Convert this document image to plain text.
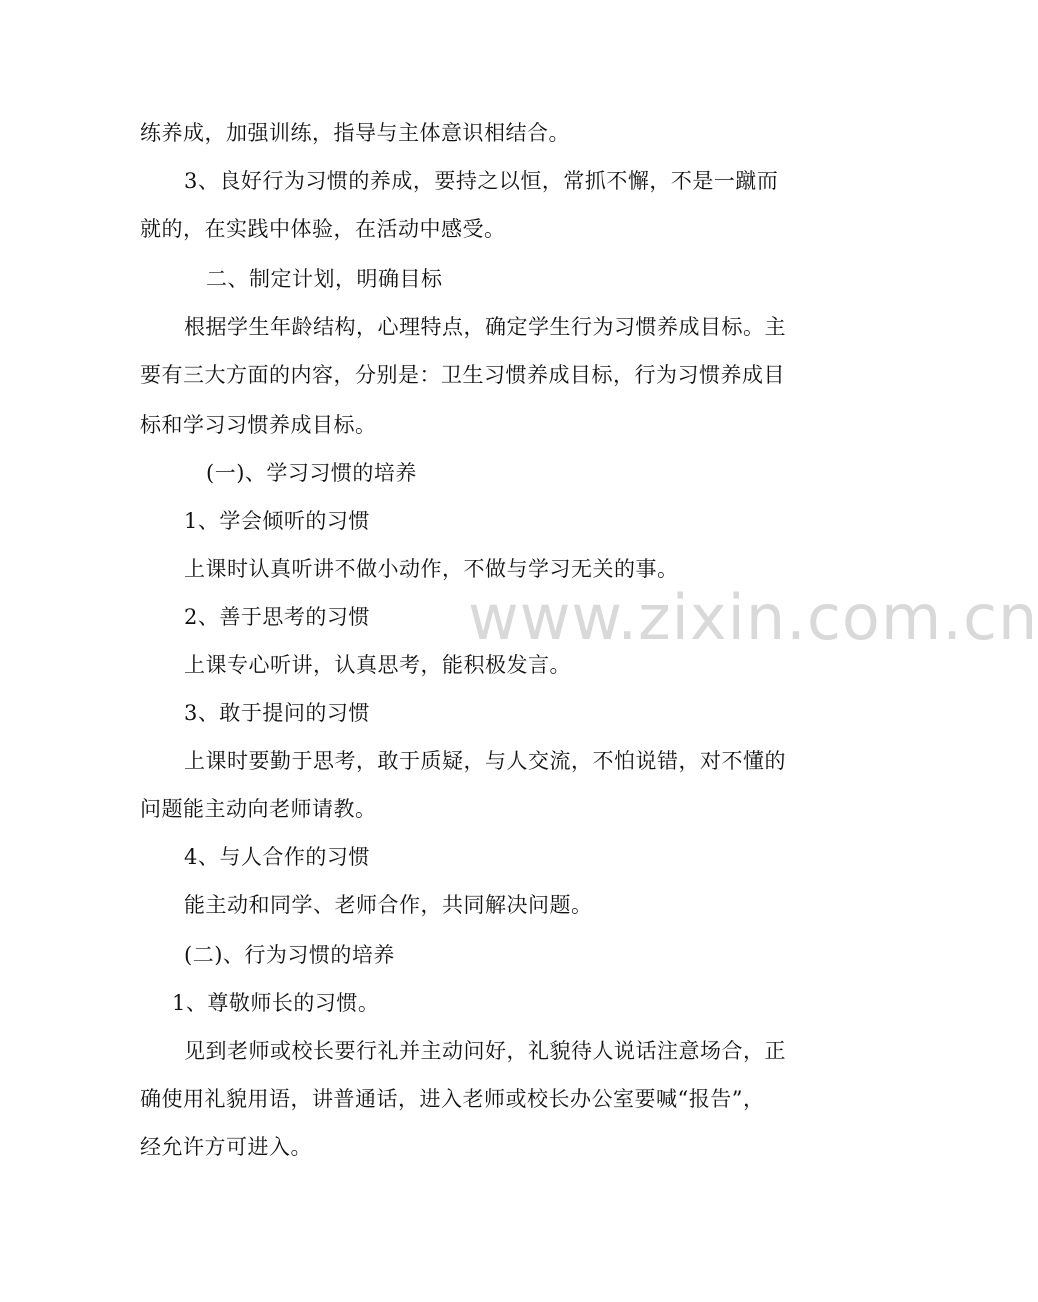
练养成，加强训练，指导与主体意识相结合。
3、良好行为习惯的养成，要持之以恒，常抓不懈，不是一蹴而
就的，在实践中体验，在活动中感受。
二、制定计划，明确目标
根据学生年龄结构，心理特点，确定学生行为习惯养成目标。主
要有三大方面的内容，分别是：卫生习惯养成目标，行为习惯养成目
标和学习习惯养成目标。
(一)、学习习惯的培养
1、学会倾听的习惯
上课时认真听讲不做小动作，不做与学习无关的事。
2、善于思考的习惯
上课专心听讲，认真思考，能积极发言。
3、敢于提问的习惯
上课时要勤于思考，敢于质疑，与人交流，不怕说错，对不懂的
问题能主动向老师请教。
4、与人合作的习惯
能主动和同学、老师合作，共同解决问题。
(二)、行为习惯的培养
1、尊敬师长的习惯。
见到老师或校长要行礼并主动问好，礼貌待人说话注意场合，正
确使用礼貌用语，讲普通话，进入老师或校长办公室要喊“报告”，
经允许方可进入。
www.zixin.com.cn
